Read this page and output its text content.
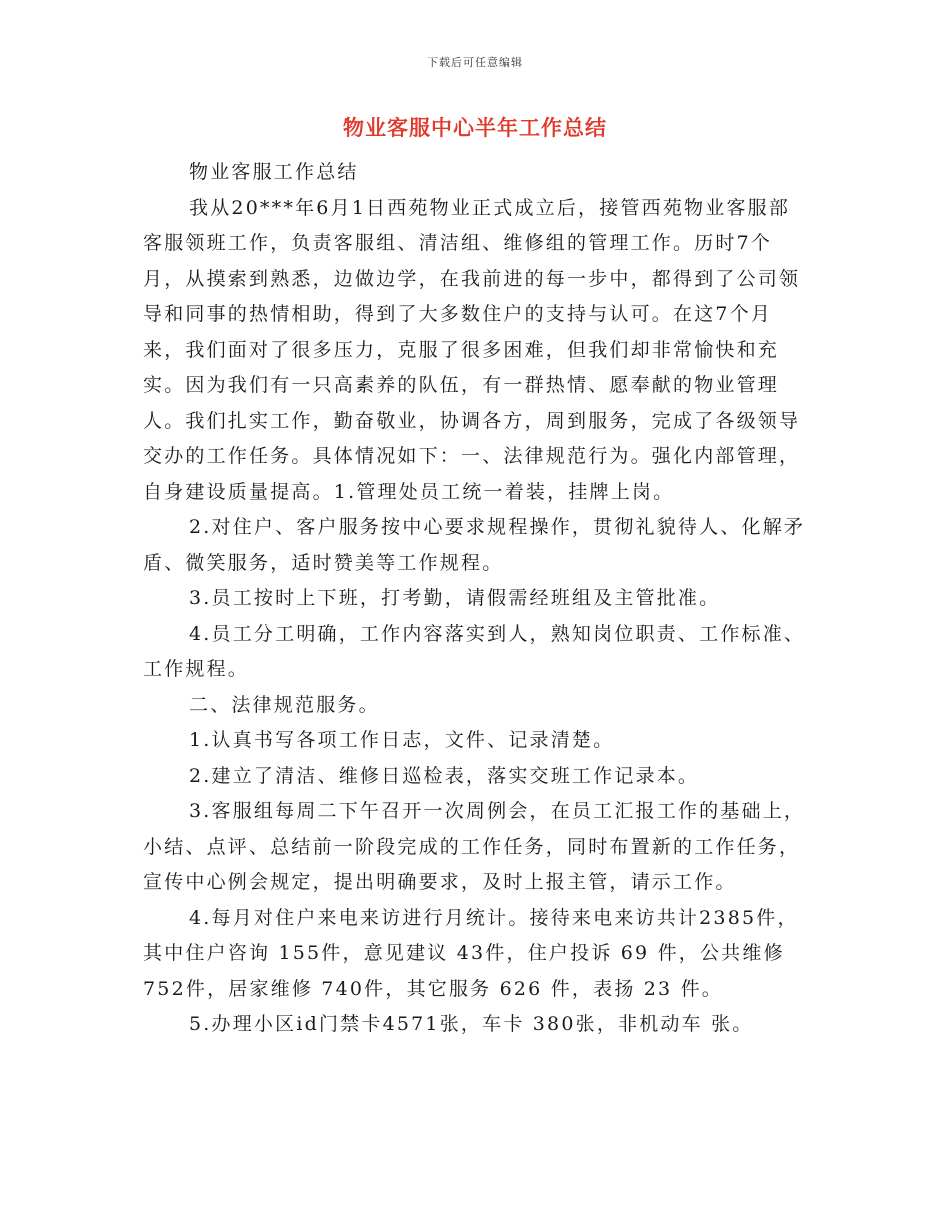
下载后可任意编辑
物业客服中心半年工作总结

物业客服工作总结

我从20***年6月1日西苑物业正式成立后，接管西苑物业客服部客服领班工作，负责客服组、清洁组、维修组的管理工作。历时7个月，从摸索到熟悉，边做边学，在我前进的每一步中，都得到了公司领导和同事的热情相助，得到了大多数住户的支持与认可。在这7个月来，我们面对了很多压力，克服了很多困难，但我们却非常愉快和充实。因为我们有一只高素养的队伍，有一群热情、愿奉献的物业管理人。我们扎实工作，勤奋敬业，协调各方，周到服务，完成了各级领导交办的工作任务。具体情况如下：一、法律规范行为。强化内部管理，自身建设质量提高。1.管理处员工统一着装，挂牌上岗。

2.对住户、客户服务按中心要求规程操作，贯彻礼貌待人、化解矛盾、微笑服务，适时赞美等工作规程。

3.员工按时上下班，打考勤，请假需经班组及主管批准。

4.员工分工明确，工作内容落实到人，熟知岗位职责、工作标准、工作规程。

二、法律规范服务。

1.认真书写各项工作日志，文件、记录清楚。

2.建立了清洁、维修日巡检表，落实交班工作记录本。

3.客服组每周二下午召开一次周例会，在员工汇报工作的基础上，小结、点评、总结前一阶段完成的工作任务，同时布置新的工作任务，宣传中心例会规定，提出明确要求，及时上报主管，请示工作。

4.每月对住户来电来访进行月统计。接待来电来访共计2385件，其中住户咨询 155件，意见建议 43件，住户投诉 69 件，公共维修752件，居家维修 740件，其它服务 626 件，表扬 23 件。

5.办理小区id门禁卡4571张，车卡 380张，非机动车 张。
